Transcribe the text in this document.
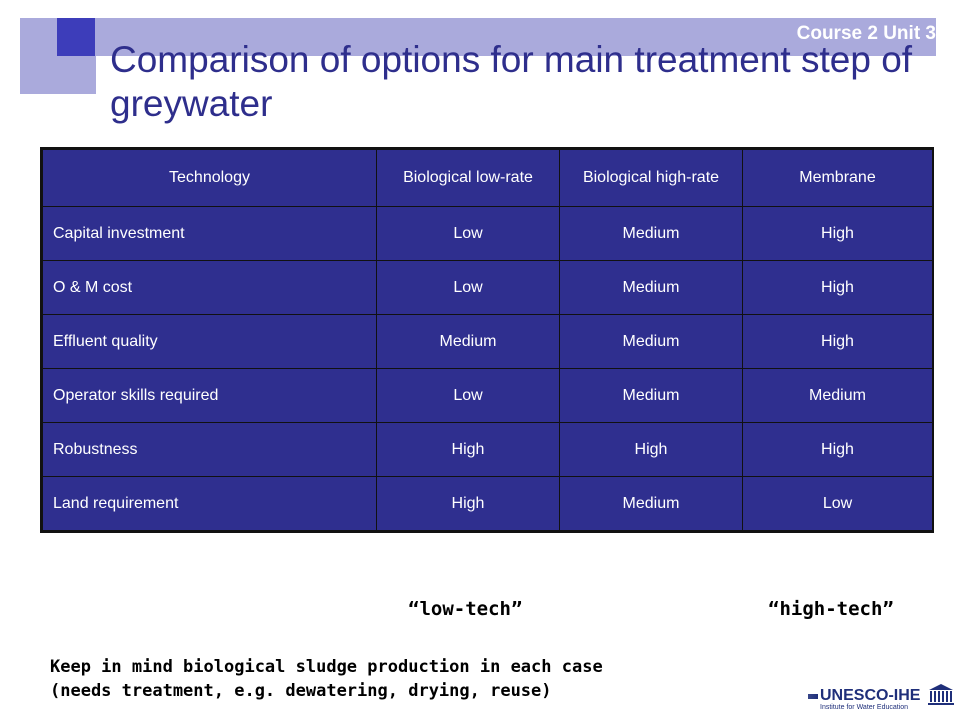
Course 2 Unit 3
Comparison of options for main treatment step of greywater
Technology	Biological low-rate	Biological high-rate	Membrane
Capital investment	Low	Medium	High
O & M cost	Low	Medium	High
Effluent quality	Medium	Medium	High
Operator skills required	Low	Medium	Medium
Robustness	High	High	High
Land requirement	High	Medium	Low
“low-tech”	“high-tech”

Keep in mind biological sludge production in each case
(needs treatment, e.g. dewatering, drying, reuse)	UNESCO-IHE
Institute for Water Education
